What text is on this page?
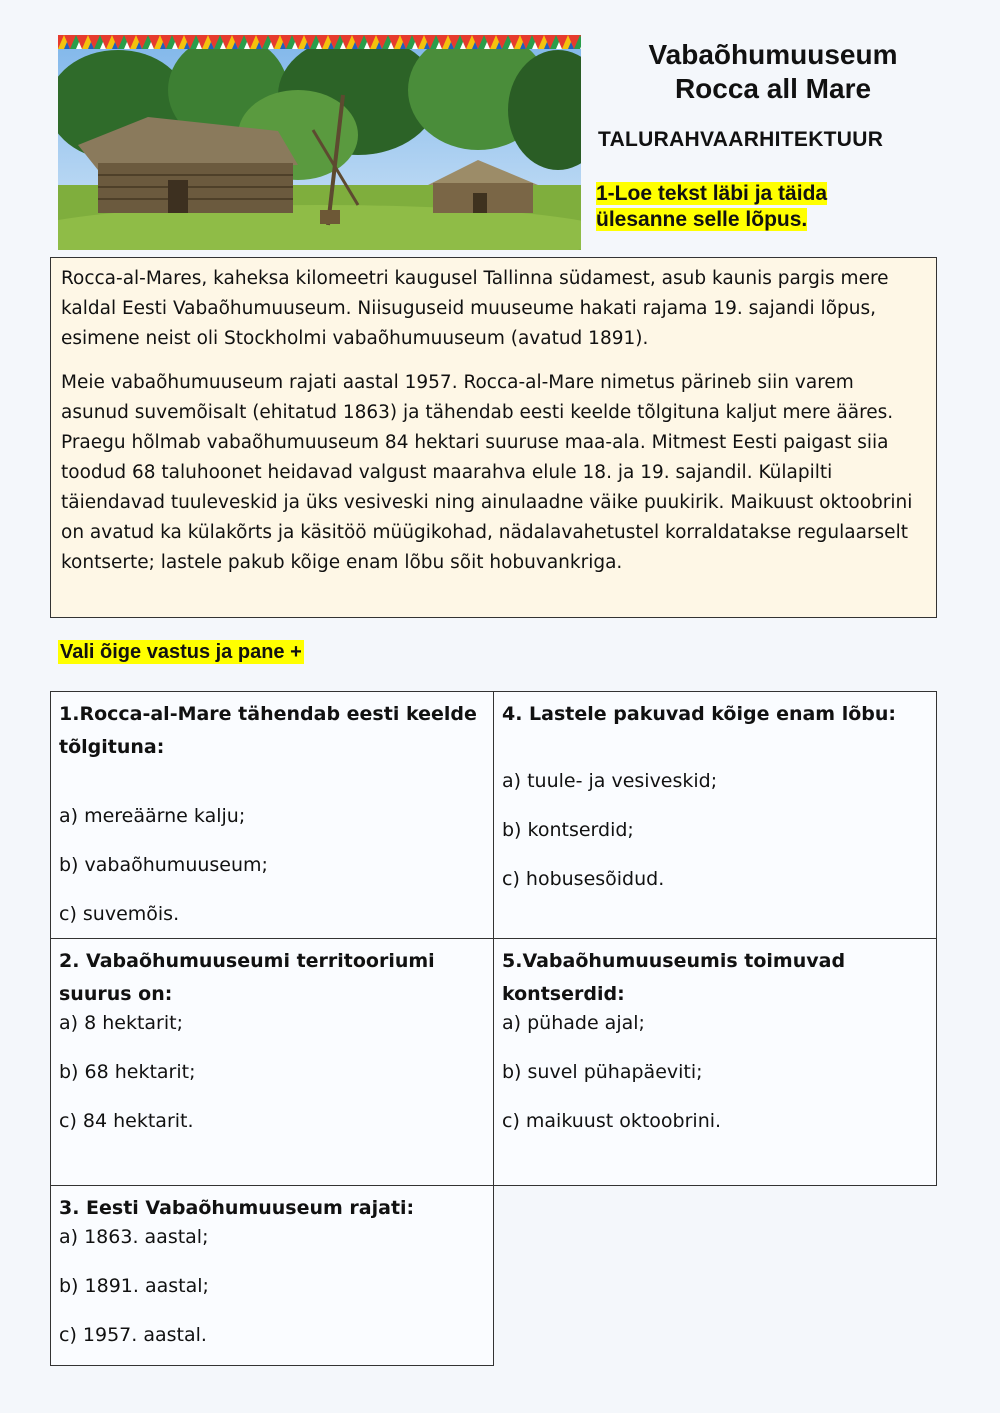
Vabaõhumuuseum
Rocca all Mare
TALURAHVAARHITEKTUUR
1-Loe tekst läbi ja täida
ülesanne selle lõpus.

Rocca-al-Mares, kaheksa kilomeetri kaugusel Tallinna südamest, asub kaunis pargis mere kaldal Eesti Vabaõhumuuseum. Niisuguseid muuseume hakati rajama 19. sajandi lõpus, esimene neist oli Stockholmi vabaõhumuuseum (avatud 1891).

Meie vabaõhumuuseum rajati aastal 1957. Rocca-al-Mare nimetus pärineb siin varem asunud suvemõisalt (ehitatud 1863) ja tähendab eesti keelde tõlgituna kaljut mere ääres. Praegu hõlmab vabaõhumuuseum 84 hektari suuruse maa-ala. Mitmest Eesti paigast siia toodud 68 taluhoonet heidavad valgust maarahva elule 18. ja 19. sajandil. Külapilti täiendavad tuuleveskid ja üks vesiveski ning ainulaadne väike puukirik. Maikuust oktoobrini on avatud ka külakõrts ja käsitöö müügikohad, nädalavahetustel korraldatakse regulaarselt kontserte; lastele pakub kõige enam lõbu sõit hobuvankriga.

Vali õige vastus ja pane +
1.Rocca-al-Mare tähendab eesti keelde tõlgituna:
a) mereäärne kalju;
b) vabaõhumuuseum;
c) suvemõis.
4. Lastele pakuvad kõige enam lõbu:
a) tuule- ja vesiveskid;
b) kontserdid;
c) hobusesõidud.
2. Vabaõhumuuseumi territooriumi suurus on:
a) 8 hektarit;
b) 68 hektarit;
c) 84 hektarit.
5.Vabaõhumuuseumis toimuvad kontserdid:
a) pühade ajal;
b) suvel pühapäeviti;
c) maikuust oktoobrini.
3. Eesti Vabaõhumuuseum rajati:
a) 1863. aastal;
b) 1891. aastal;
c) 1957. aastal.
